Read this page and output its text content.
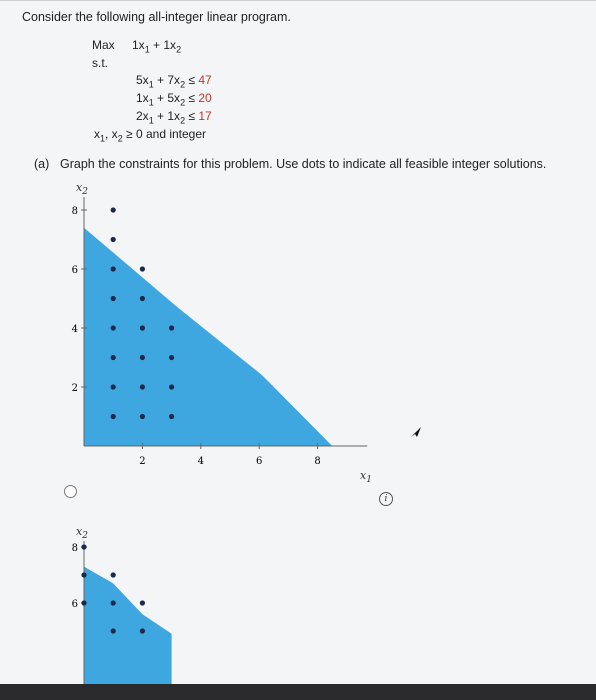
Consider the following all-integer linear program.
Max $1x_1 + 1x_2$
s.t.
$5x_1 + 7x_2 \le 47$
$1x_1 + 5x_2 \le 20$
$2x_1 + 1x_2 \le 17$
$x_1$, $x_2 \ge 0$ and integer
(a) Graph the constraints for this problem. Use dots to indicate all feasible integer solutions.
$x_2$
2
4
6
8
2	4	6	8
$x_1$
i
$x_2$
6
8
